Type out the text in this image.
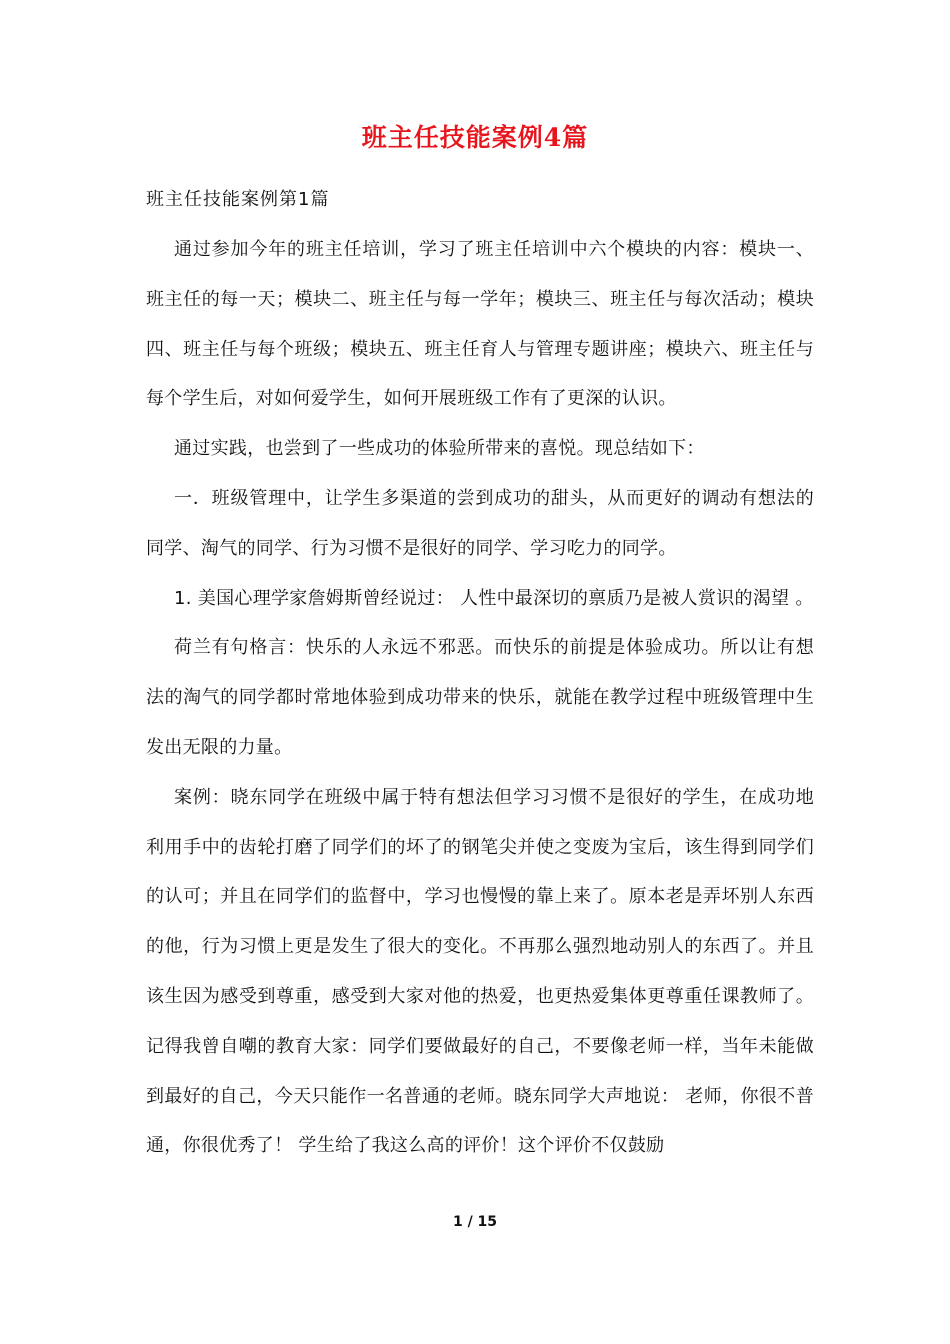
班主任技能案例4篇
班主任技能案例第1篇

通过参加今年的班主任培训，学习了班主任培训中六个模块的内容：模块一、班主任的每一天；模块二、班主任与每一学年；模块三、班主任与每次活动；模块四、班主任与每个班级；模块五、班主任育人与管理专题讲座；模块六、班主任与每个学生后，对如何爱学生，如何开展班级工作有了更深的认识。

通过实践，也尝到了一些成功的体验所带来的喜悦。现总结如下：

一．班级管理中，让学生多渠道的尝到成功的甜头，从而更好的调动有想法的同学、淘气的同学、行为习惯不是很好的同学、学习吃力的同学。

1. 美国心理学家詹姆斯曾经说过： 人性中最深切的禀质乃是被人赏识的渴望 。

荷兰有句格言：快乐的人永远不邪恶。而快乐的前提是体验成功。所以让有想法的淘气的同学都时常地体验到成功带来的快乐，就能在教学过程中班级管理中生发出无限的力量。

案例：晓东同学在班级中属于特有想法但学习习惯不是很好的学生，在成功地利用手中的齿轮打磨了同学们的坏了的钢笔尖并使之变废为宝后，该生得到同学们的认可；并且在同学们的监督中，学习也慢慢的靠上来了。原本老是弄坏别人东西的他，行为习惯上更是发生了很大的变化。不再那么强烈地动别人的东西了。并且该生因为感受到尊重，感受到大家对他的热爱，也更热爱集体更尊重任课教师了。记得我曾自嘲的教育大家：同学们要做最好的自己，不要像老师一样，当年未能做到最好的自己，今天只能作一名普通的老师。晓东同学大声地说： 老师，你很不普通，你很优秀了！ 学生给了我这么高的评价！这个评价不仅鼓励

1 / 15
